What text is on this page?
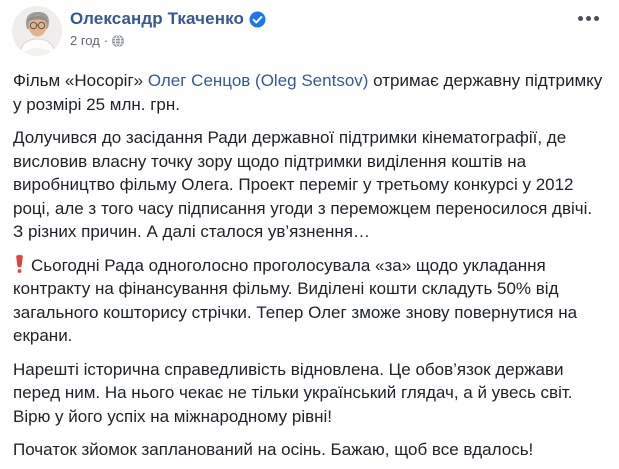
Олександр Ткаченко
2 год ·

Фільм «Носоріг» Олег Сенцов (Oleg Sentsov) отримає державну підтримку у розмірі 25 млн. грн.

Долучився до засідання Ради державної підтримки кінематографії, де висловив власну точку зору щодо підтримки виділення коштів на виробництво фільму Олега. Проект переміг у третьому конкурсі у 2012 році, але з того часу підписання угоди з переможцем переносилося двічі. З різних причин. А далі сталося ув’язнення…

Сьогодні Рада одноголосно проголосувала «за» щодо укладання контракту на фінансування фільму. Виділені кошти складуть 50% від загального кошторису стрічки. Тепер Олег зможе знову повернутися на екрани.

Нарешті історична справедливість відновлена. Це обов’язок держави перед ним. На нього чекає не тільки український глядач, а й увесь світ. Вірю у його успіх на міжнародному рівні!

Початок зйомок запланований на осінь. Бажаю, щоб все вдалось!
